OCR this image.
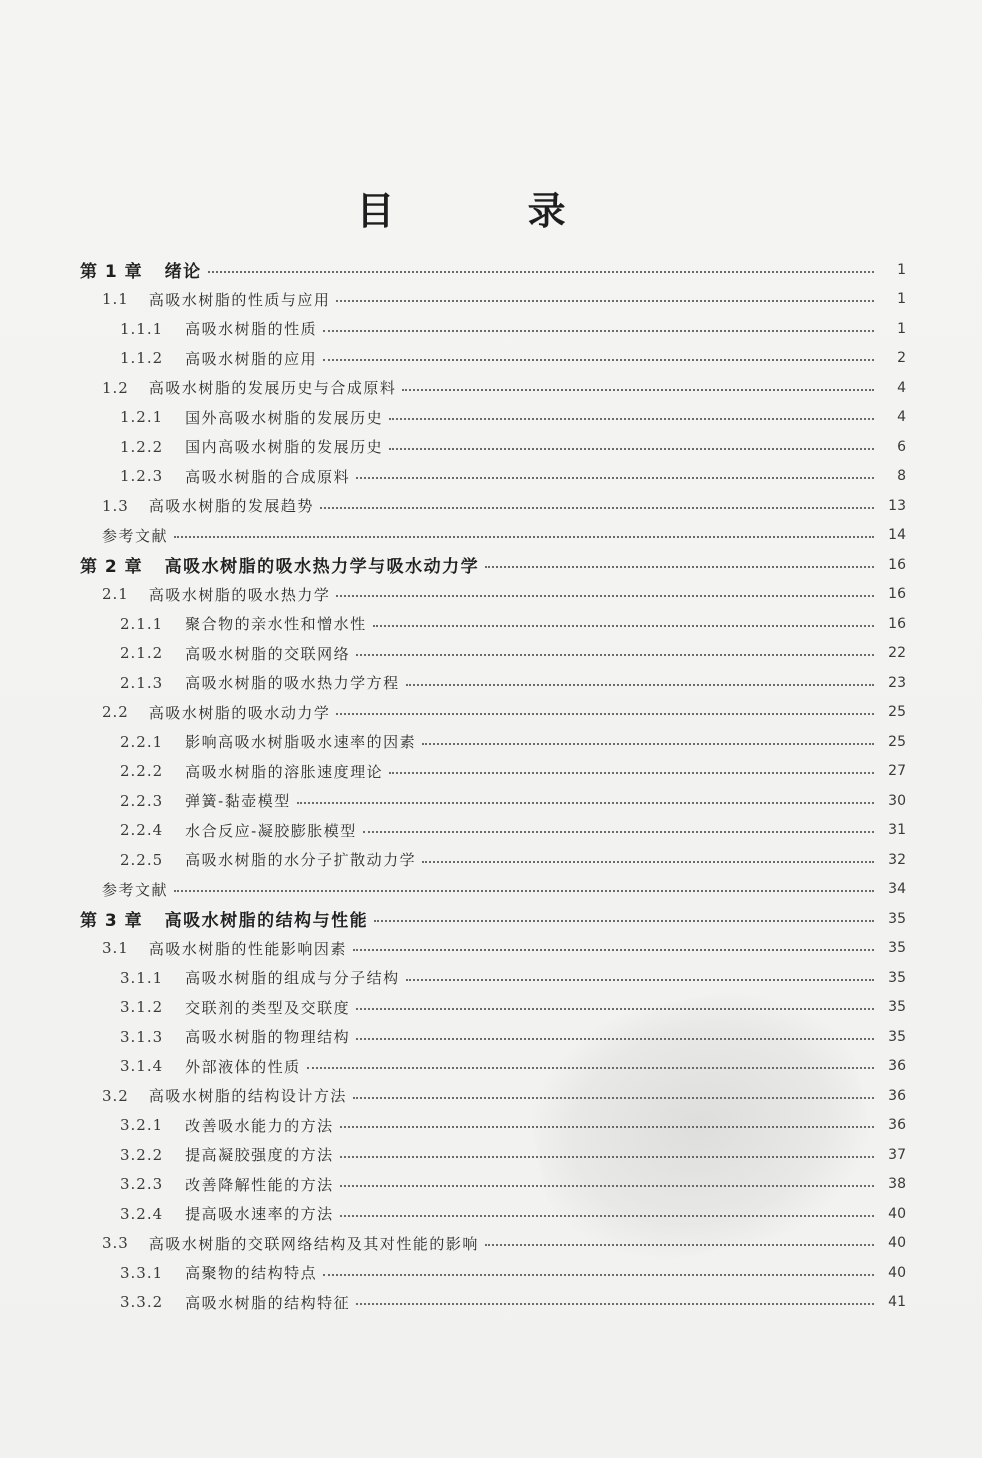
目 录
第 1 章 绪论	1
1.1 高吸水树脂的性质与应用	1
1.1.1 高吸水树脂的性质	1
1.1.2 高吸水树脂的应用	2
1.2 高吸水树脂的发展历史与合成原料	4
1.2.1 国外高吸水树脂的发展历史	4
1.2.2 国内高吸水树脂的发展历史	6
1.2.3 高吸水树脂的合成原料	8
1.3 高吸水树脂的发展趋势	13
参考文献	14
第 2 章 高吸水树脂的吸水热力学与吸水动力学	16
2.1 高吸水树脂的吸水热力学	16
2.1.1 聚合物的亲水性和憎水性	16
2.1.2 高吸水树脂的交联网络	22
2.1.3 高吸水树脂的吸水热力学方程	23
2.2 高吸水树脂的吸水动力学	25
2.2.1 影响高吸水树脂吸水速率的因素	25
2.2.2 高吸水树脂的溶胀速度理论	27
2.2.3 弹簧-黏壶模型	30
2.2.4 水合反应-凝胶膨胀模型	31
2.2.5 高吸水树脂的水分子扩散动力学	32
参考文献	34
第 3 章 高吸水树脂的结构与性能	35
3.1 高吸水树脂的性能影响因素	35
3.1.1 高吸水树脂的组成与分子结构	35
3.1.2 交联剂的类型及交联度	35
3.1.3 高吸水树脂的物理结构	35
3.1.4 外部液体的性质	36
3.2 高吸水树脂的结构设计方法	36
3.2.1 改善吸水能力的方法	36
3.2.2 提高凝胶强度的方法	37
3.2.3 改善降解性能的方法	38
3.2.4 提高吸水速率的方法	40
3.3 高吸水树脂的交联网络结构及其对性能的影响	40
3.3.1 高聚物的结构特点	40
3.3.2 高吸水树脂的结构特征	41
